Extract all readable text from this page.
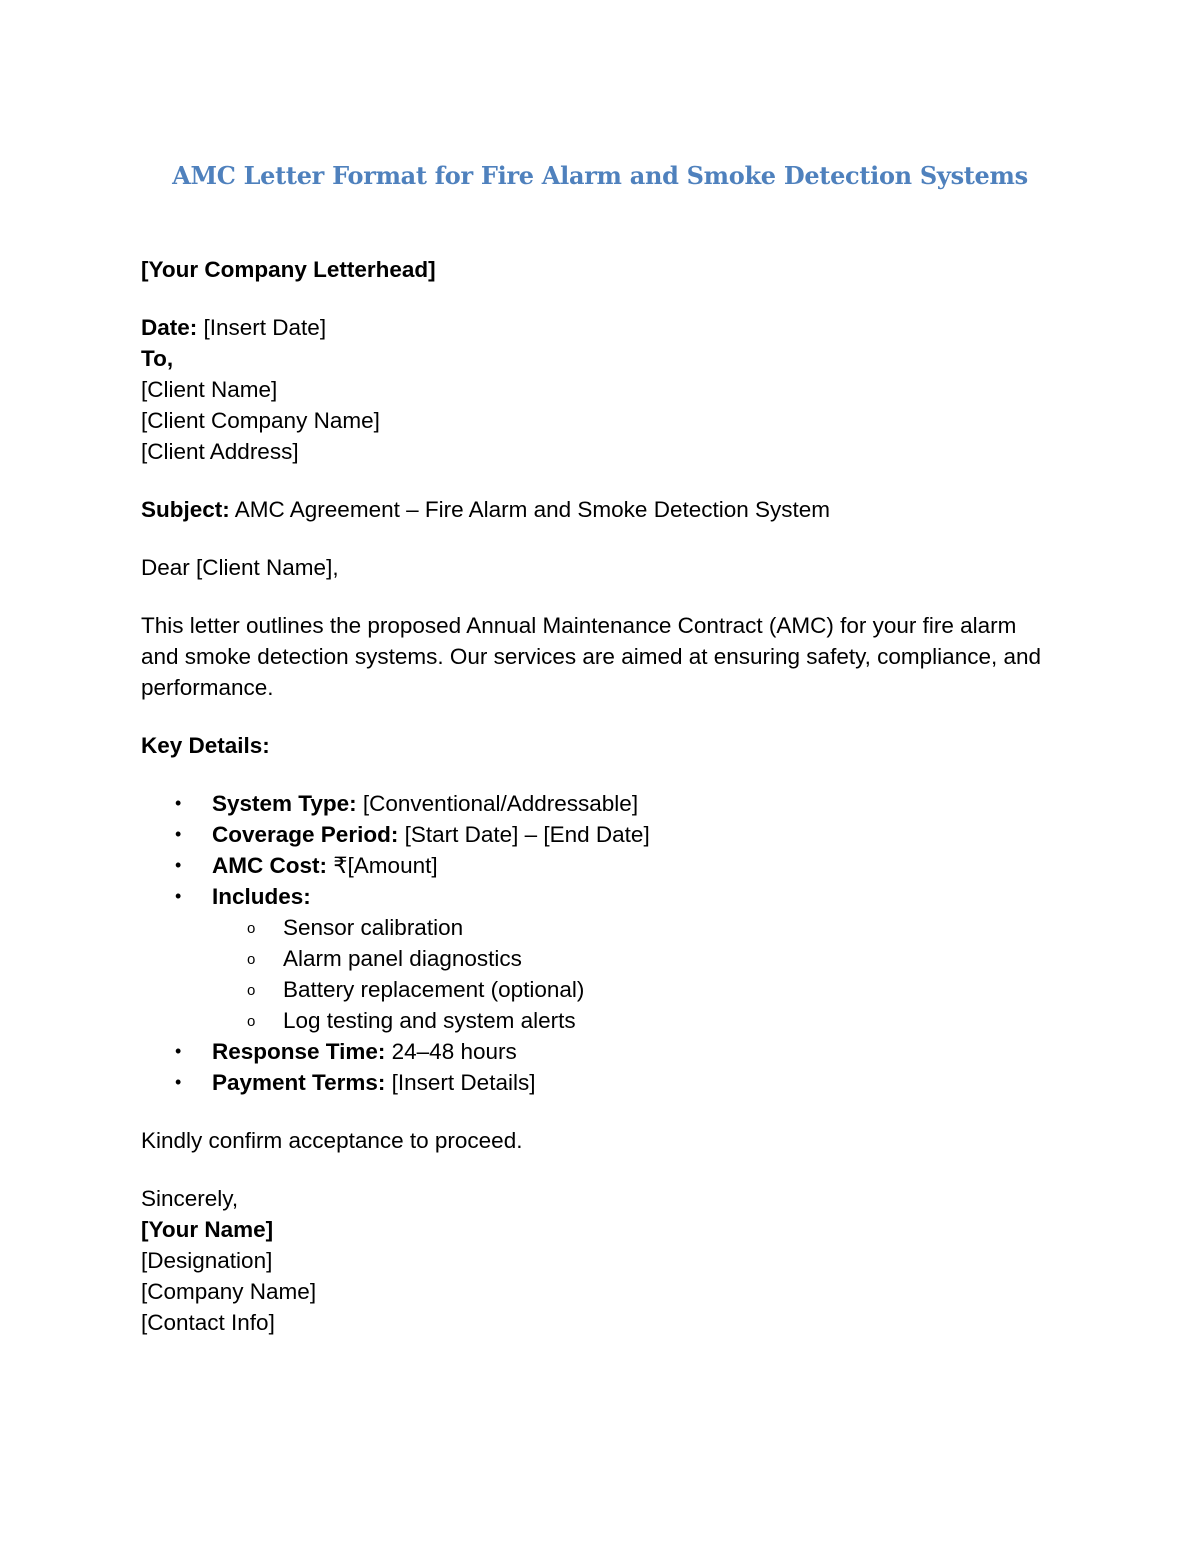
AMC Letter Format for Fire Alarm and Smoke Detection Systems

[Your Company Letterhead]

Date: [Insert Date]

To,

[Client Name]

[Client Company Name]

[Client Address]

Subject: AMC Agreement – Fire Alarm and Smoke Detection System

Dear [Client Name],

This letter outlines the proposed Annual Maintenance Contract (AMC) for your fire alarm and smoke detection systems. Our services are aimed at ensuring safety, compliance, and performance.

Key Details:

• System Type: [Conventional/Addressable]
• Coverage Period: [Start Date] – [End Date]
• AMC Cost: ₹[Amount]
• Includes:
o Sensor calibration
o Alarm panel diagnostics
o Battery replacement (optional)
o Log testing and system alerts
• Response Time: 24–48 hours
• Payment Terms: [Insert Details]

Kindly confirm acceptance to proceed.

Sincerely,

[Your Name]

[Designation]

[Company Name]

[Contact Info]
